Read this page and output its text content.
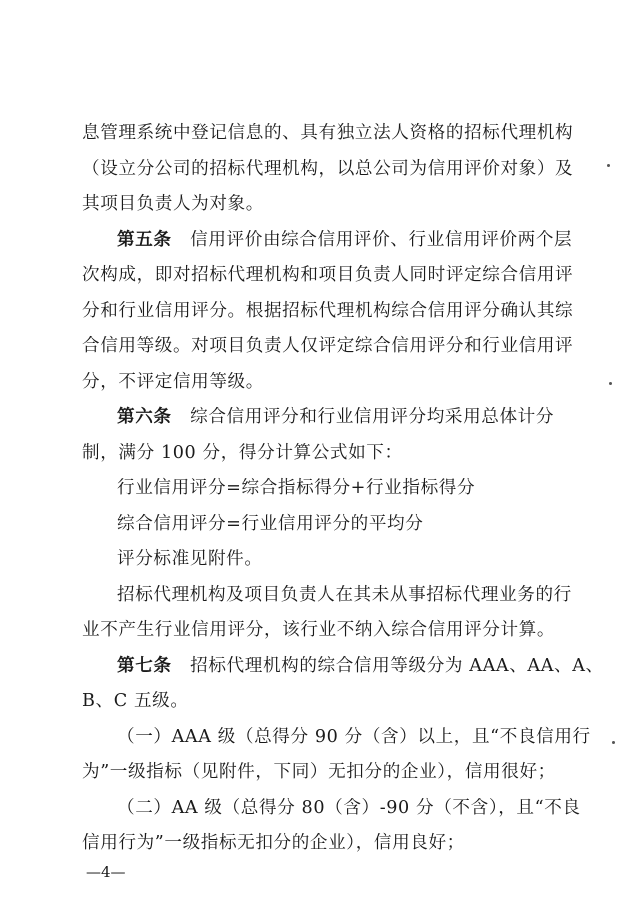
息管理系统中登记信息的、具有独立法人资格的招标代理机构
（设立分公司的招标代理机构，以总公司为信用评价对象）及
其项目负责人为对象。
第五条 信用评价由综合信用评价、行业信用评价两个层
次构成，即对招标代理机构和项目负责人同时评定综合信用评
分和行业信用评分。根据招标代理机构综合信用评分确认其综
合信用等级。对项目负责人仅评定综合信用评分和行业信用评
分，不评定信用等级。
第六条 综合信用评分和行业信用评分均采用总体计分
制，满分 100 分，得分计算公式如下：
行业信用评分=综合指标得分+行业指标得分
综合信用评分=行业信用评分的平均分
评分标准见附件。
招标代理机构及项目负责人在其未从事招标代理业务的行
业不产生行业信用评分，该行业不纳入综合信用评分计算。
第七条 招标代理机构的综合信用等级分为 AAA、AA、A、
B、C 五级。
（一）AAA 级（总得分 90 分（含）以上，且“不良信用行
为”一级指标（见附件，下同）无扣分的企业），信用很好；
（二）AA 级（总得分 80（含）-90 分（不含），且“不良
信用行为”一级指标无扣分的企业），信用良好；
—4—
